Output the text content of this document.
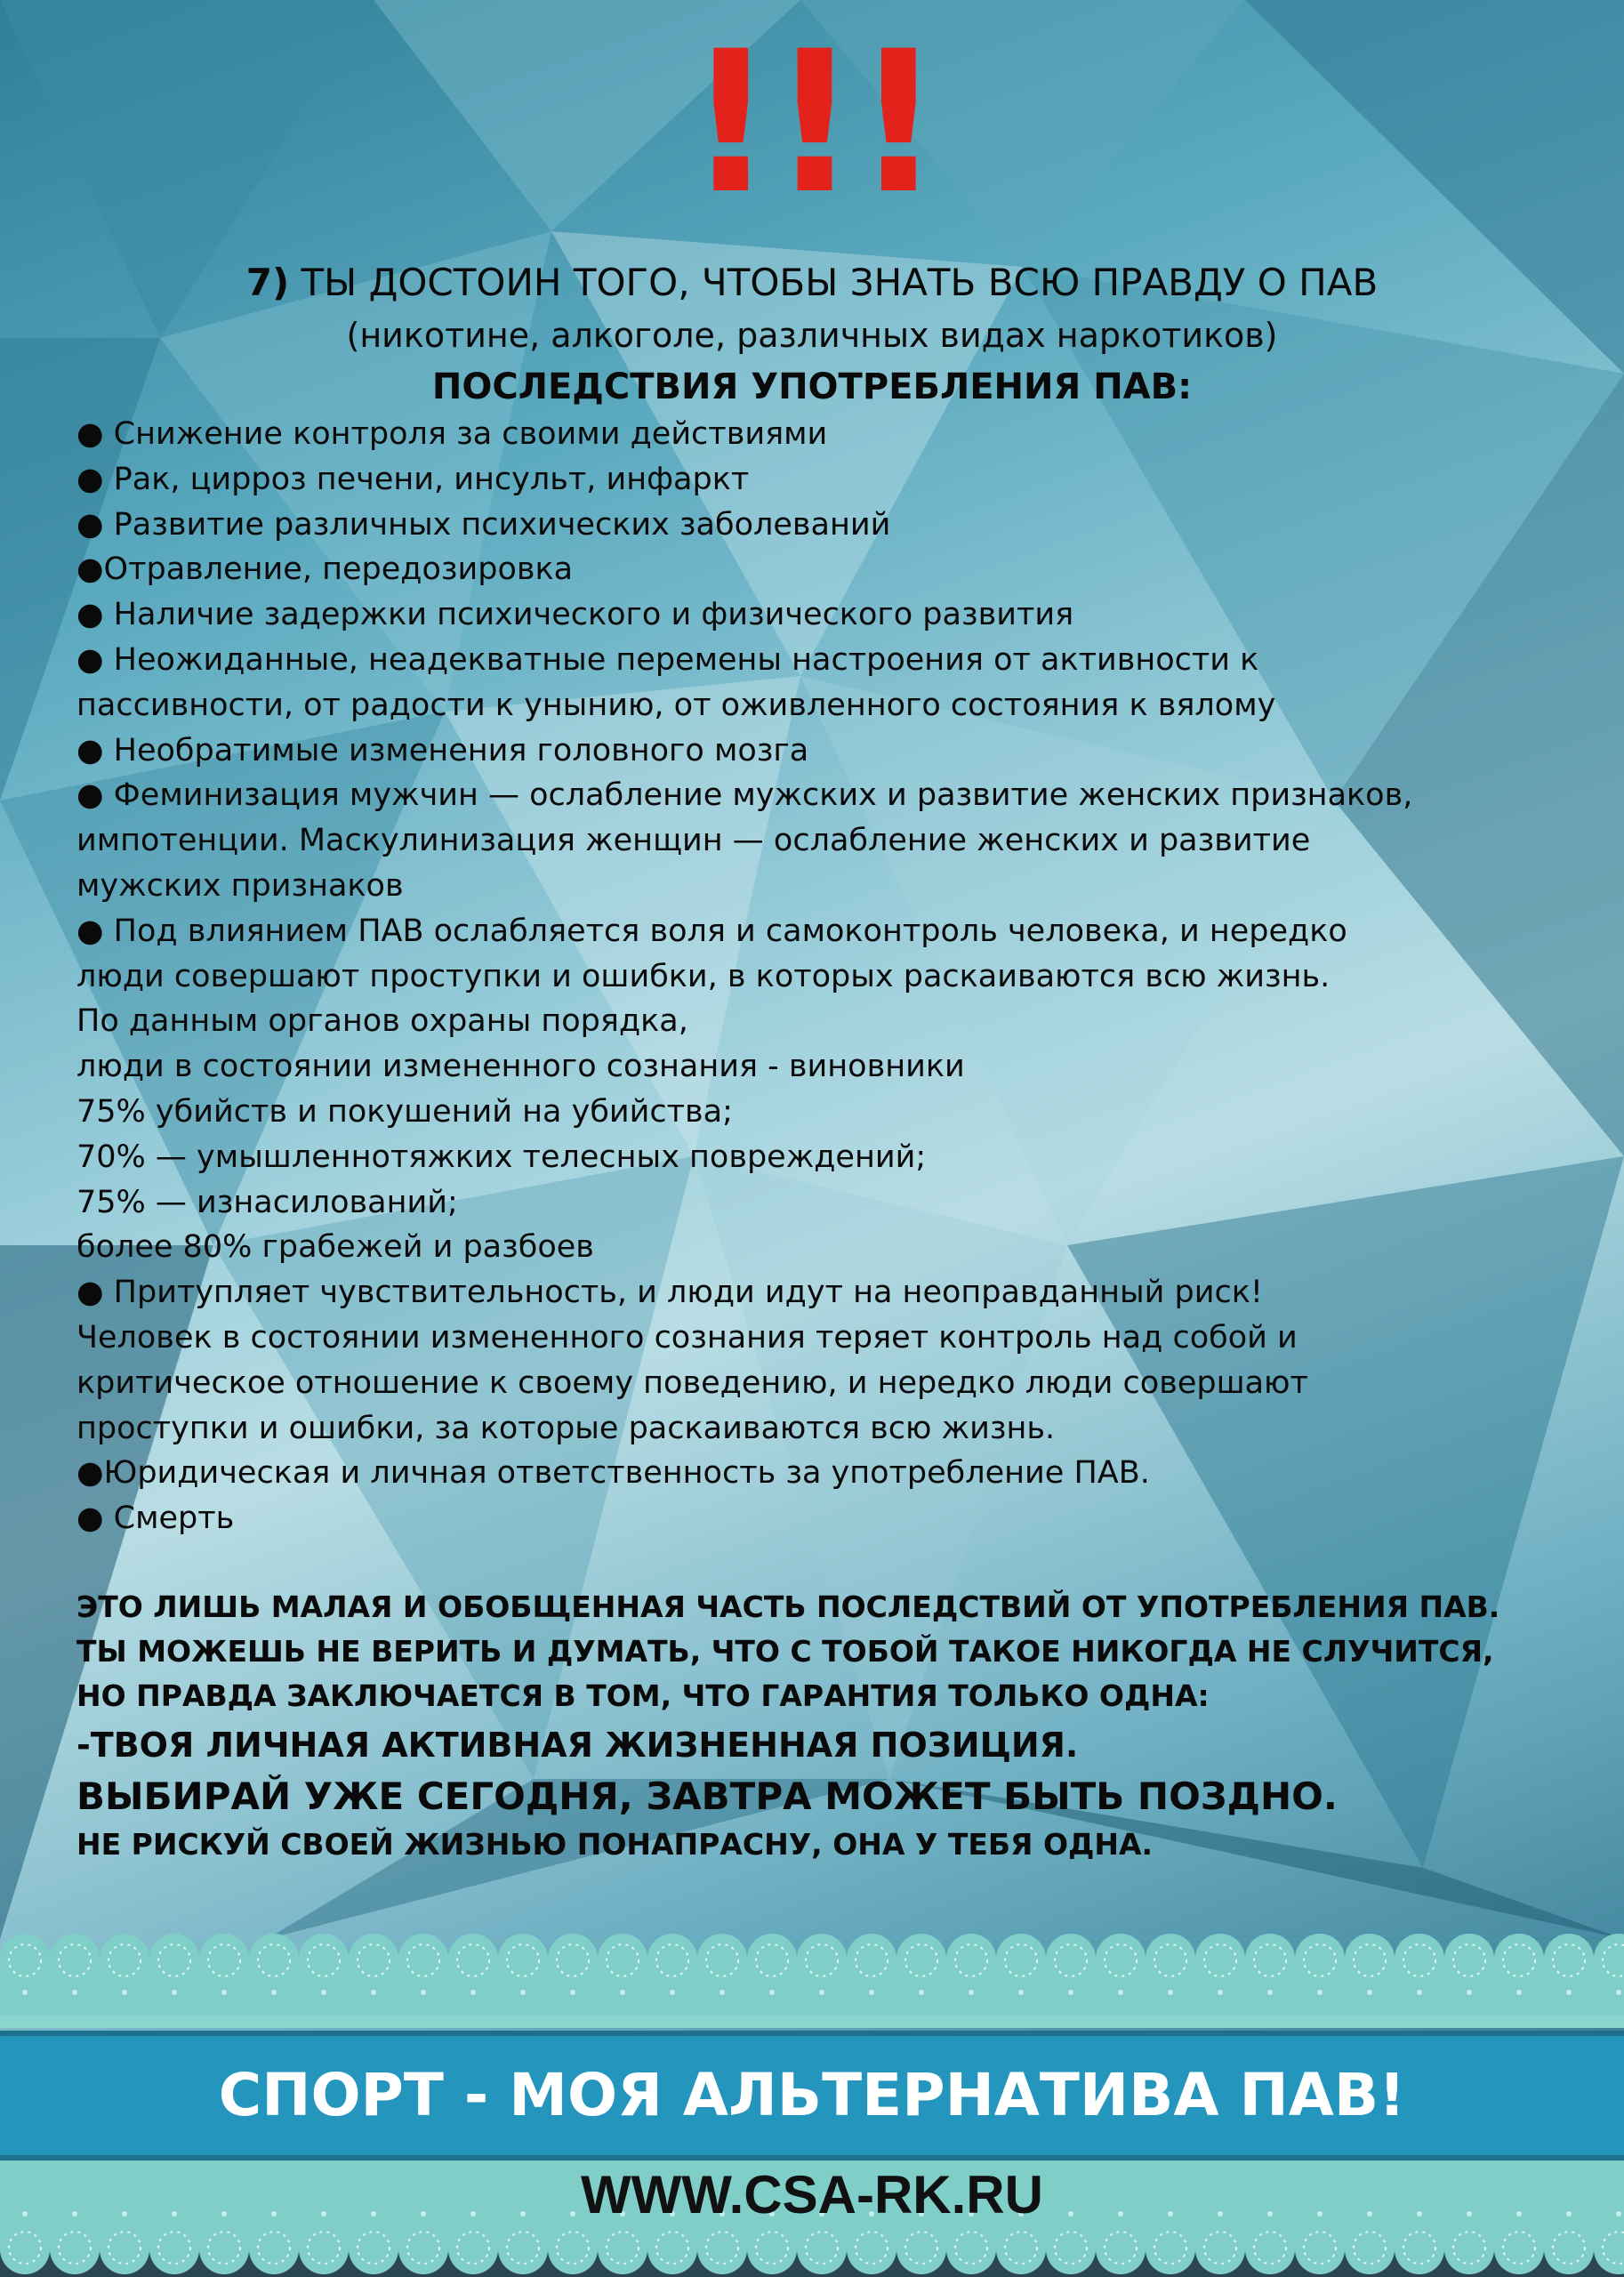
!!!
7) ТЫ ДОСТОИН ТОГО, ЧТОБЫ ЗНАТЬ ВСЮ ПРАВДУ О ПАВ
(никотине, алкоголе, различных видах наркотиков)
ПОСЛЕДСТВИЯ УПОТРЕБЛЕНИЯ ПАВ:
● Снижение контроля за своими действиями
● Рак, цирроз печени, инсульт, инфаркт
● Развитие различных психических заболеваний
●Отравление, передозировка
● Наличие задержки психического и физического развития
● Неожиданные, неадекватные перемены настроения от активности к
пассивности, от радости к унынию, от оживленного состояния к вялому
● Необратимые изменения головного мозга
● Феминизация мужчин — ослабление мужских и развитие женских признаков,
импотенции. Маскулинизация женщин — ослабление женских и развитие
мужских признаков
● Под влиянием ПАВ ослабляется воля и самоконтроль человека, и нередко
люди совершают проступки и ошибки, в которых раскаиваются всю жизнь.
По данным органов охраны порядка,
люди в состоянии измененного сознания - виновники
75% убийств и покушений на убийства;
70% — умышленнотяжких телесных повреждений;
75% — изнасилований;
более 80% грабежей и разбоев
● Притупляет чувствительность, и люди идут на неоправданный риск!
Человек в состоянии измененного сознания теряет контроль над собой и
критическое отношение к своему поведению, и нередко люди совершают
проступки и ошибки, за которые раскаиваются всю жизнь.
●Юридическая и личная ответственность за употребление ПАВ.
● Смерть
ЭТО ЛИШЬ МАЛАЯ И ОБОБЩЕННАЯ ЧАСТЬ ПОСЛЕДСТВИЙ ОТ УПОТРЕБЛЕНИЯ ПАВ.
ТЫ МОЖЕШЬ НЕ ВЕРИТЬ И ДУМАТЬ, ЧТО С ТОБОЙ ТАКОЕ НИКОГДА НЕ СЛУЧИТСЯ,
НО ПРАВДА ЗАКЛЮЧАЕТСЯ В ТОМ, ЧТО ГАРАНТИЯ ТОЛЬКО ОДНА:
-ТВОЯ ЛИЧНАЯ АКТИВНАЯ ЖИЗНЕННАЯ ПОЗИЦИЯ.
ВЫБИРАЙ УЖЕ СЕГОДНЯ, ЗАВТРА МОЖЕТ БЫТЬ ПОЗДНО.
НЕ РИСКУЙ СВОЕЙ ЖИЗНЬЮ ПОНАПРАСНУ, ОНА У ТЕБЯ ОДНА.
СПОРТ - МОЯ АЛЬТЕРНАТИВА ПАВ!
WWW.CSA-RK.RU
